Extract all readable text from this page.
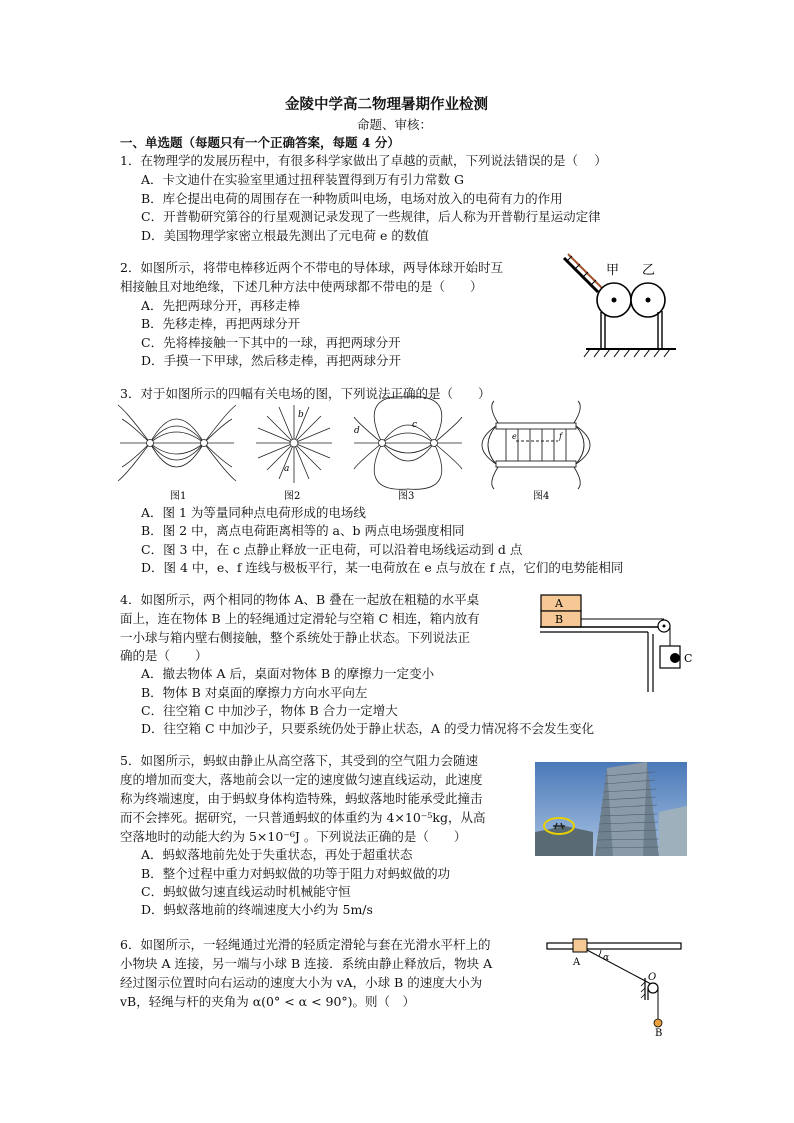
金陵中学高二物理暑期作业检测
命题、审核：
一、单选题（每题只有一个正确答案，每题 4 分）
1．在物理学的发展历程中，有很多科学家做出了卓越的贡献，下列说法错误的是（　 ）
A．卡文迪什在实验室里通过扭秤装置得到万有引力常数 G
B．库仑提出电荷的周围存在一种物质叫电场，电场对放入的电荷有力的作用
C．开普勒研究第谷的行星观测记录发现了一些规律，后人称为开普勒行星运动定律
D．美国物理学家密立根最先测出了元电荷 e 的数值
2．如图所示，将带电棒移近两个不带电的导体球，两导体球开始时互
相接触且对地绝缘，下述几种方法中使两球都不带电的是（　　）
A．先把两球分开，再移走棒
B．先移走棒，再把两球分开
C．先将棒接触一下其中的一球，再把两球分开
D．手摸一下甲球，然后移走棒，再把两球分开
甲 乙
3．对于如图所示的四幅有关电场的图，下列说法正确的是（　　）
图1
b
a
图2
d
c
图3
e	f
图4
A．图 1 为等量同种点电荷形成的电场线
B．图 2 中，离点电荷距离相等的 a、b 两点电场强度相同
C．图 3 中，在 c 点静止释放一正电荷，可以沿着电场线运动到 d 点
D．图 4 中，e、f 连线与极板平行，某一电荷放在 e 点与放在 f 点，它们的电势能相同
4．如图所示，两个相同的物体 A、B 叠在一起放在粗糙的水平桌
面上，连在物体 B 上的轻绳通过定滑轮与空箱 C 相连，箱内放有
一小球与箱内壁右侧接触，整个系统处于静止状态。下列说法正
确的是（　　）
A．撤去物体 A 后，桌面对物体 B 的摩擦力一定变小
B．物体 B 对桌面的摩擦力方向水平向左
C．往空箱 C 中加沙子，物体 B 合力一定增大
D．往空箱 C 中加沙子，只要系统仍处于静止状态，A 的受力情况将不会发生变化
A
B
C
5．如图所示，蚂蚁由静止从高空落下，其受到的空气阻力会随速
度的增加而变大，落地前会以一定的速度做匀速直线运动，此速度
称为终端速度，由于蚂蚁身体构造特殊，蚂蚁落地时能承受此撞击
而不会摔死。据研究，一只普通蚂蚁的体重约为 4×10⁻⁵kg，从高
空落地时的动能大约为 5×10⁻⁶J 。下列说法正确的是（　　）
A．蚂蚁落地前先处于失重状态，再处于超重状态
B．整个过程中重力对蚂蚁做的功等于阻力对蚂蚁做的功
C．蚂蚁做匀速直线运动时机械能守恒
D．蚂蚁落地前的终端速度大小约为 5m/s
6．如图所示，一轻绳通过光滑的轻质定滑轮与套在光滑水平杆上的
小物块 A 连接，另一端与小球 B 连接．系统由静止释放后，物块 A
经过图示位置时向右运动的速度大小为 vA，小球 B 的速度大小为
vB，轻绳与杆的夹角为 α(0° < α < 90°)。则（　）
A	α
O
B
